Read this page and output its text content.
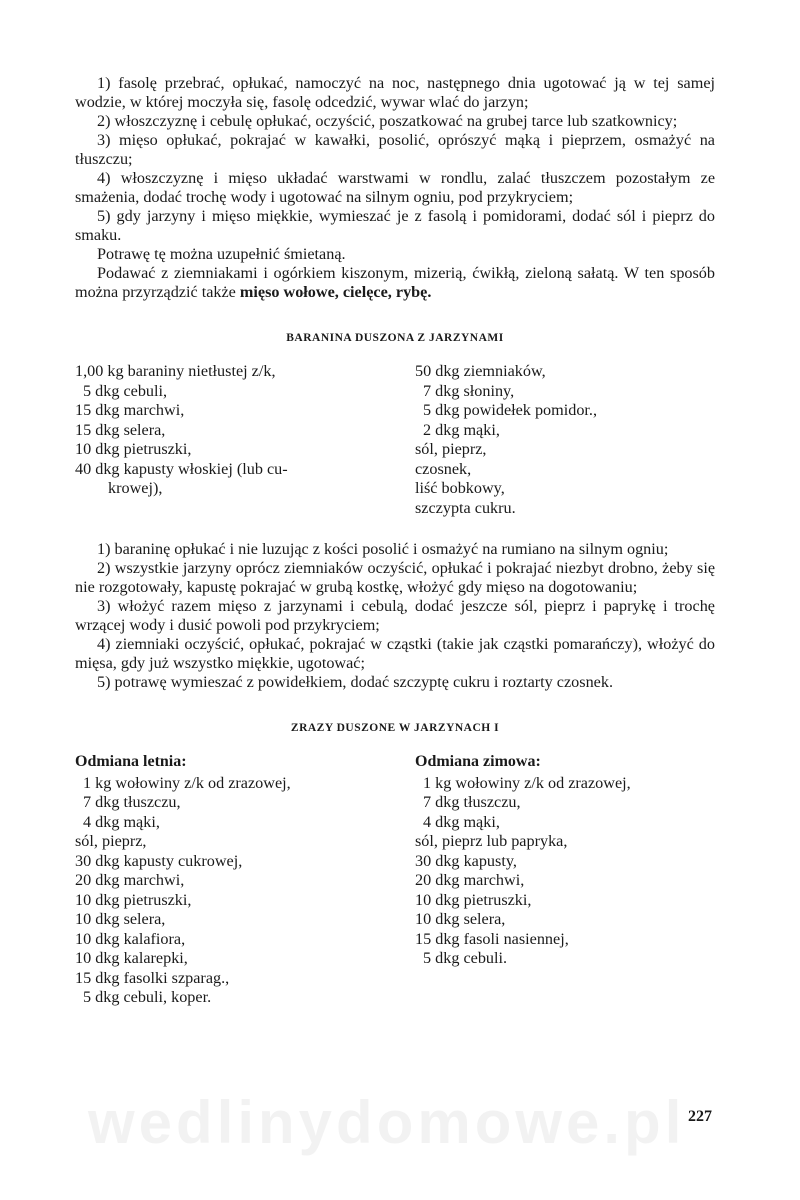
wedlinydomowe.pl

1) fasolę przebrać, opłukać, namoczyć na noc, następnego dnia ugotować ją w tej samej wodzie, w której moczyła się, fasolę odcedzić, wywar wlać do jarzyn;

2) włoszczyznę i cebulę opłukać, oczyścić, poszatkować na grubej tarce lub szatkownicy;

3) mięso opłukać, pokrajać w kawałki, posolić, oprószyć mąką i pieprzem, osmażyć na tłuszczu;

4) włoszczyznę i mięso układać warstwami w rondlu, zalać tłuszczem pozostałym ze smażenia, dodać trochę wody i ugotować na silnym ogniu, pod przykryciem;

5) gdy jarzyny i mięso miękkie, wymieszać je z fasolą i pomidorami, dodać sól i pieprz do smaku.

Potrawę tę można uzupełnić śmietaną.

Podawać z ziemniakami i ogórkiem kiszonym, mizerią, ćwikłą, zieloną sałatą. W ten sposób można przyrządzić także mięso wołowe, cielęce, rybę.

BARANINA DUSZONA Z JARZYNAMI

1,00 kg baraniny nietłustej z/k,

5 dkg cebuli,

15 dkg marchwi,

15 dkg selera,

10 dkg pietruszki,

40 dkg kapusty włoskiej (lub cu-

krowej),

50 dkg ziemniaków,

7 dkg słoniny,

5 dkg powidełek pomidor.,

2 dkg mąki,

sól, pieprz,

czosnek,

liść bobkowy,

szczypta cukru.

1) baraninę opłukać i nie luzując z kości posolić i osmażyć na rumiano na silnym ogniu;

2) wszystkie jarzyny oprócz ziemniaków oczyścić, opłukać i pokrajać niezbyt drobno, żeby się nie rozgotowały, kapustę pokrajać w grubą kostkę, włożyć gdy mięso na dogotowaniu;

3) włożyć razem mięso z jarzynami i cebulą, dodać jeszcze sól, pieprz i paprykę i trochę wrzącej wody i dusić powoli pod przykryciem;

4) ziemniaki oczyścić, opłukać, pokrajać w cząstki (takie jak cząstki pomarańczy), włożyć do mięsa, gdy już wszystko miękkie, ugotować;

5) potrawę wymieszać z powidełkiem, dodać szczyptę cukru i roztarty czosnek.

ZRAZY DUSZONE W JARZYNACH I

Odmiana letnia:

1 kg wołowiny z/k od zrazowej,

7 dkg tłuszczu,

4 dkg mąki,

sól, pieprz,

30 dkg kapusty cukrowej,

20 dkg marchwi,

10 dkg pietruszki,

10 dkg selera,

10 dkg kalafiora,

10 dkg kalarepki,

15 dkg fasolki szparag.,

5 dkg cebuli, koper.

Odmiana zimowa:

1 kg wołowiny z/k od zrazowej,

7 dkg tłuszczu,

4 dkg mąki,

sól, pieprz lub papryka,

30 dkg kapusty,

20 dkg marchwi,

10 dkg pietruszki,

10 dkg selera,

15 dkg fasoli nasiennej,

5 dkg cebuli.

227
